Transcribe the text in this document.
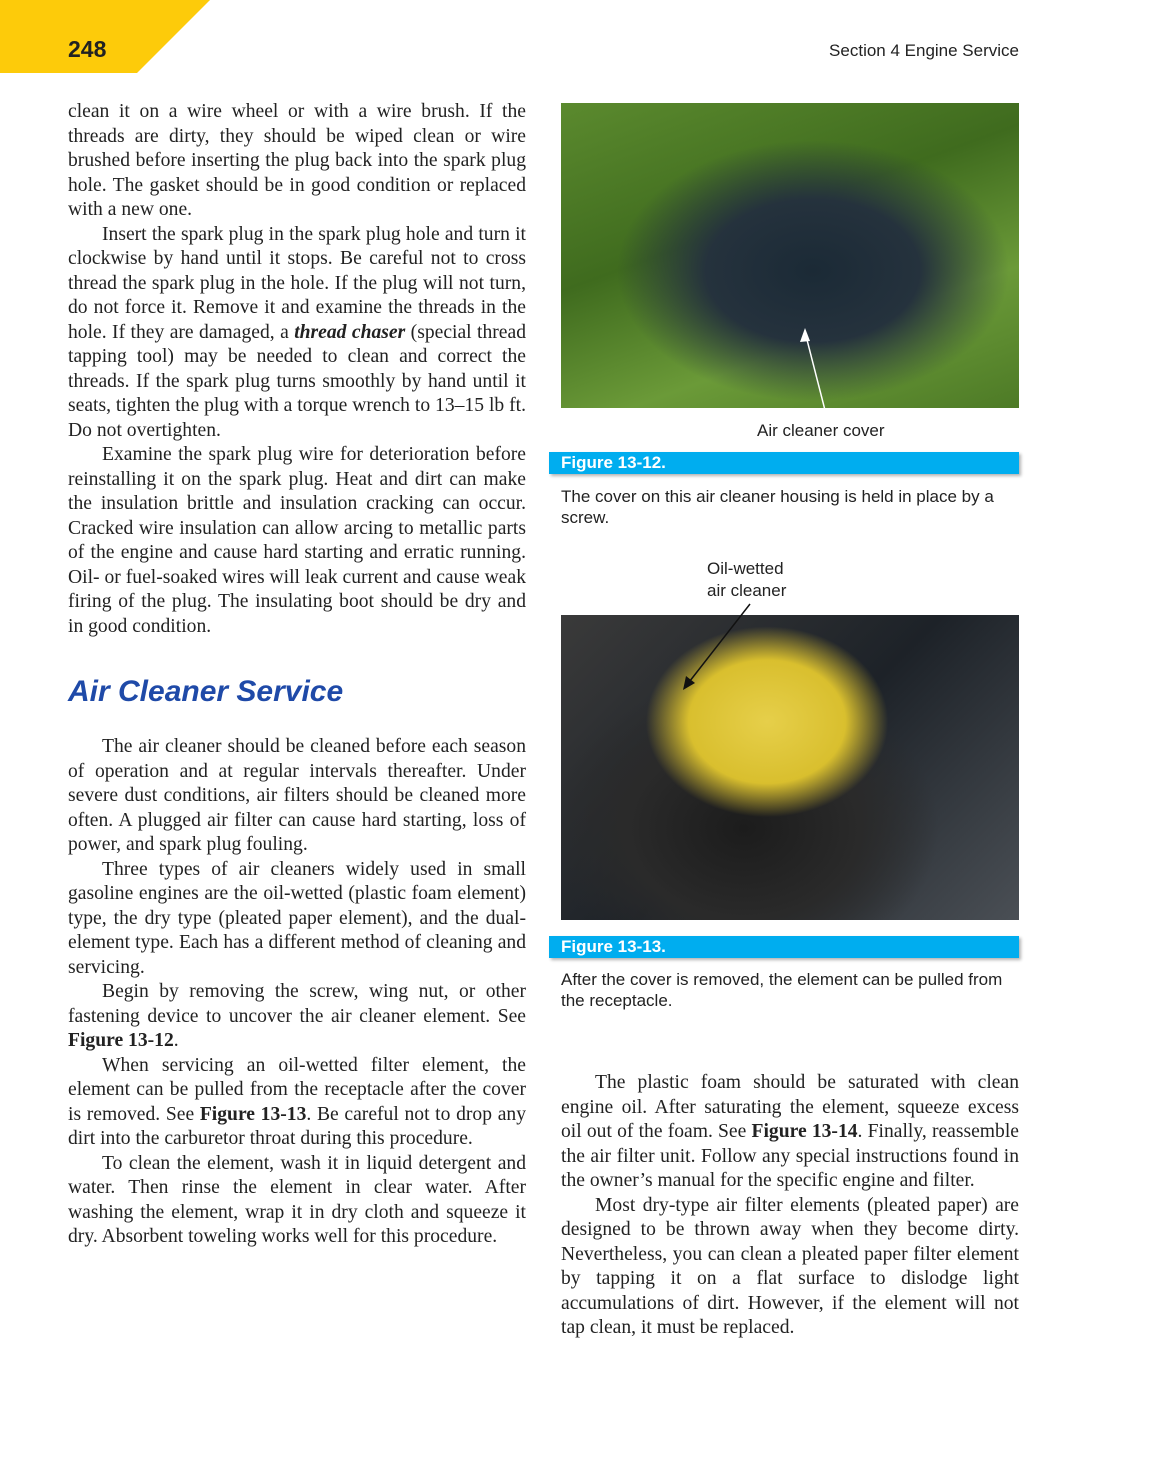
248	Section 4 Engine Service

clean it on a wire wheel or with a wire brush. If the threads are dirty, they should be wiped clean or wire brushed before inserting the plug back into the spark plug hole. The gasket should be in good condition or replaced with a new one.

Insert the spark plug in the spark plug hole and turn it clockwise by hand until it stops. Be careful not to cross thread the spark plug in the hole. If the plug will not turn, do not force it. Remove it and examine the threads in the hole. If they are damaged, a thread chaser (special thread tapping tool) may be needed to clean and correct the threads. If the spark plug turns smoothly by hand until it seats, tighten the plug with a torque wrench to 13–15 lb ft. Do not overtighten.

Examine the spark plug wire for deterioration before reinstalling it on the spark plug. Heat and dirt can make the insulation brittle and insulation cracking can occur. Cracked wire insulation can allow arcing to metallic parts of the engine and cause hard starting and erratic running. Oil- or fuel-soaked wires will leak current and cause weak firing of the plug. The insulating boot should be dry and in good condition.

Air Cleaner Service

The air cleaner should be cleaned before each season of operation and at regular intervals thereafter. Under severe dust conditions, air filters should be cleaned more often. A plugged air filter can cause hard starting, loss of power, and spark plug fouling.

Three types of air cleaners widely used in small gasoline engines are the oil-wetted (plastic foam element) type, the dry type (pleated paper element), and the dual-element type. Each has a different method of cleaning and servicing.

Begin by removing the screw, wing nut, or other fastening device to uncover the air cleaner element. See Figure 13-12.

When servicing an oil-wetted filter element, the element can be pulled from the receptacle after the cover is removed. See Figure 13-13. Be careful not to drop any dirt into the carburetor throat during this procedure.

To clean the element, wash it in liquid detergent and water. Then rinse the element in clear water. After washing the element, wrap it in dry cloth and squeeze it dry. Absorbent toweling works well for this procedure.

Air cleaner cover
Figure 13-12.
The cover on this air cleaner housing is held in place by a screw.
Oil-wetted
air cleaner
Figure 13-13.
After the cover is removed, the element can be pulled from the receptacle.

The plastic foam should be saturated with clean engine oil. After saturating the element, squeeze excess oil out of the foam. See Figure 13-14. Finally, reassemble the air filter unit. Follow any special instructions found in the owner’s manual for the specific engine and filter.

Most dry-type air filter elements (pleated paper) are designed to be thrown away when they become dirty. Nevertheless, you can clean a pleated paper filter element by tapping it on a flat surface to dislodge light accumulations of dirt. However, if the element will not tap clean, it must be replaced.
